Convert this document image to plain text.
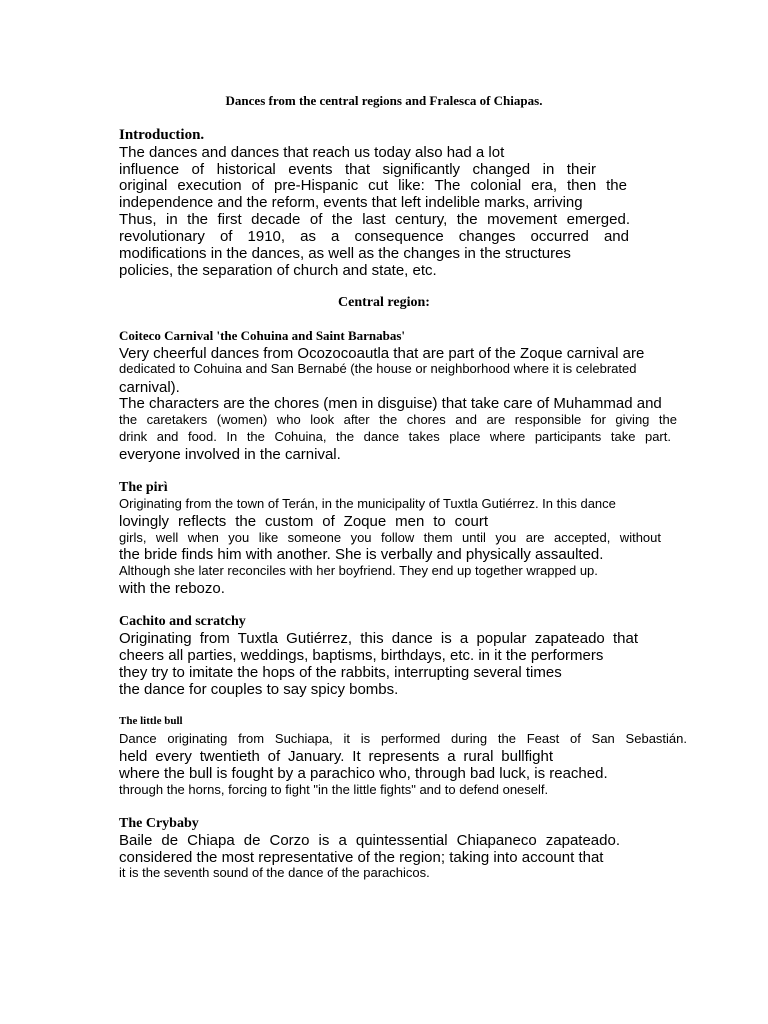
Dances from the central regions and Fralesca of Chiapas.
Introduction.
The dances and dances that reach us today also had a lot
influence of historical events that significantly changed in their
original execution of pre-Hispanic cut like: The colonial era, then the
independence and the reform, events that left indelible marks, arriving
Thus, in the first decade of the last century, the movement emerged.
revolutionary of 1910, as a consequence changes occurred and
modifications in the dances, as well as the changes in the structures
policies, the separation of church and state, etc.
Central region:
Coiteco Carnival 'the Cohuina and Saint Barnabas'
Very cheerful dances from Ocozocoautla that are part of the Zoque carnival are
dedicated to Cohuina and San Bernabé (the house or neighborhood where it is celebrated
carnival).
The characters are the chores (men in disguise) that take care of Muhammad and
the caretakers (women) who look after the chores and are responsible for giving the
drink and food. In the Cohuina, the dance takes place where participants take part.
everyone involved in the carnival.
The pirì
Originating from the town of Terán, in the municipality of Tuxtla Gutiérrez. In this dance
lovingly reflects the custom of Zoque men to court
girls, well when you like someone you follow them until you are accepted, without
the bride finds him with another. She is verbally and physically assaulted.
Although she later reconciles with her boyfriend. They end up together wrapped up.
with the rebozo.
Cachito and scratchy
Originating from Tuxtla Gutiérrez, this dance is a popular zapateado that
cheers all parties, weddings, baptisms, birthdays, etc. in it the performers
they try to imitate the hops of the rabbits, interrupting several times
the dance for couples to say spicy bombs.
The little bull
Dance originating from Suchiapa, it is performed during the Feast of San Sebastián.
held every twentieth of January. It represents a rural bullfight
where the bull is fought by a parachico who, through bad luck, is reached.
through the horns, forcing to fight "in the little fights" and to defend oneself.
The Crybaby
Baile de Chiapa de Corzo is a quintessential Chiapaneco zapateado.
considered the most representative of the region; taking into account that
it is the seventh sound of the dance of the parachicos.
